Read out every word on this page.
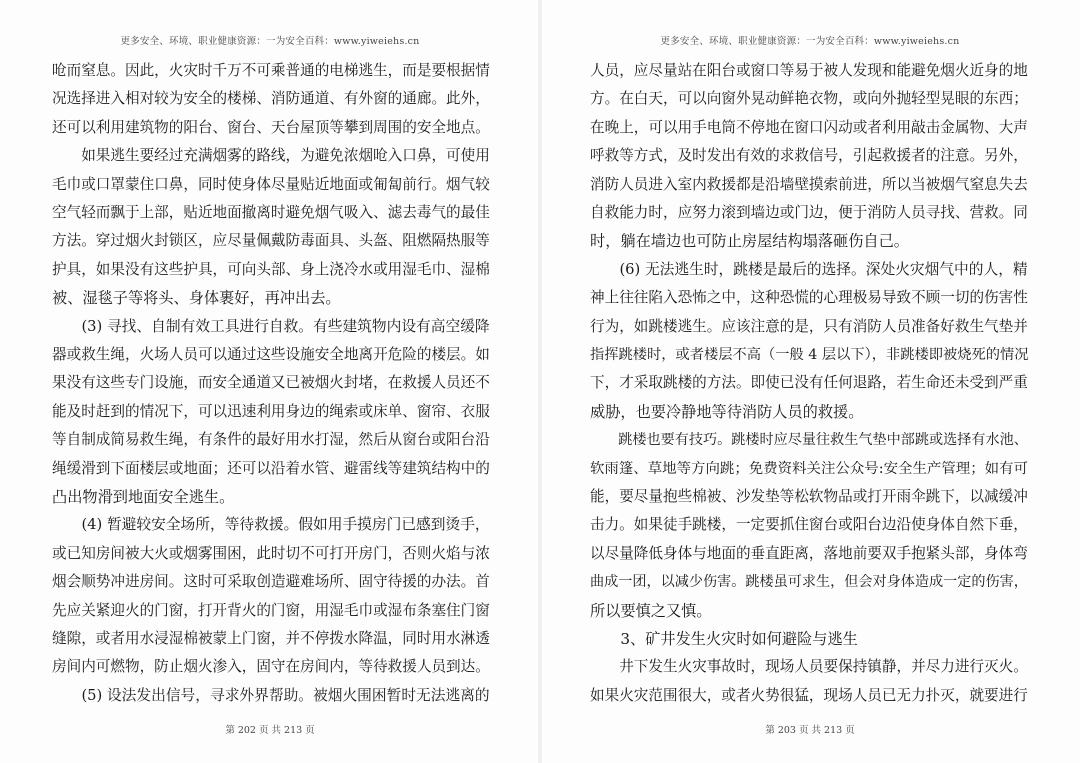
更多安全、环境、职业健康资源：一为安全百科：www.yiweiehs.cn
第 202 页 共 213 页
更多安全、环境、职业健康资源：一为安全百科：www.yiweiehs.cn
第 203 页 共 213 页
呛而窒息。因此，火灾时千万不可乘普通的电梯逃生，而是要根据情
况选择进入相对较为安全的楼梯、消防通道、有外窗的通廊。此外，
还可以利用建筑物的阳台、窗台、天台屋顶等攀到周围的安全地点。
　　如果逃生要经过充满烟雾的路线，为避免浓烟呛入口鼻，可使用
毛巾或口罩蒙住口鼻，同时使身体尽量贴近地面或匍匐前行。烟气较
空气轻而飘于上部，贴近地面撤离时避免烟气吸入、滤去毒气的最佳
方法。穿过烟火封锁区，应尽量佩戴防毒面具、头盔、阻燃隔热服等
护具，如果没有这些护具，可向头部、身上浇冷水或用湿毛巾、湿棉
被、湿毯子等将头、身体裹好，再冲出去。
　　(3) 寻找、自制有效工具进行自救。有些建筑物内设有高空缓降
器或救生绳，火场人员可以通过这些设施安全地离开危险的楼层。如
果没有这些专门设施，而安全通道又已被烟火封堵，在救援人员还不
能及时赶到的情况下，可以迅速利用身边的绳索或床单、窗帘、衣服
等自制成简易救生绳，有条件的最好用水打湿，然后从窗台或阳台沿
绳缓滑到下面楼层或地面；还可以沿着水管、避雷线等建筑结构中的
凸出物滑到地面安全逃生。
　　(4) 暂避较安全场所，等待救援。假如用手摸房门已感到烫手，
或已知房间被大火或烟雾围困，此时切不可打开房门，否则火焰与浓
烟会顺势冲进房间。这时可采取创造避难场所、固守待援的办法。首
先应关紧迎火的门窗，打开背火的门窗，用湿毛巾或湿布条塞住门窗
缝隙，或者用水浸湿棉被蒙上门窗，并不停拨水降温，同时用水淋透
房间内可燃物，防止烟火渗入，固守在房间内，等待救援人员到达。
　　(5) 设法发出信号，寻求外界帮助。被烟火围困暂时无法逃离的
人员，应尽量站在阳台或窗口等易于被人发现和能避免烟火近身的地
方。在白天，可以向窗外晃动鲜艳衣物，或向外抛轻型晃眼的东西；
在晚上，可以用手电筒不停地在窗口闪动或者利用敲击金属物、大声
呼救等方式，及时发出有效的求救信号，引起救援者的注意。另外，
消防人员进入室内救援都是沿墙壁摸索前进，所以当被烟气窒息失去
自救能力时，应努力滚到墙边或门边，便于消防人员寻找、营救。同
时，躺在墙边也可防止房屋结构塌落砸伤自己。
　　(6) 无法逃生时，跳楼是最后的选择。深处火灾烟气中的人，精
神上往往陷入恐怖之中，这种恐慌的心理极易导致不顾一切的伤害性
行为，如跳楼逃生。应该注意的是，只有消防人员准备好救生气垫并
指挥跳楼时，或者楼层不高（一般 4 层以下），非跳楼即被烧死的情况
下，才采取跳楼的方法。即使已没有任何退路，若生命还未受到严重
威胁，也要冷静地等待消防人员的救援。
　　跳楼也要有技巧。跳楼时应尽量往救生气垫中部跳或选择有水池、
软雨篷、草地等方向跳；免费资料关注公众号:安全生产管理；如有可
能，要尽量抱些棉被、沙发垫等松软物品或打开雨伞跳下，以减缓冲
击力。如果徒手跳楼，一定要抓住窗台或阳台边沿使身体自然下垂，
以尽量降低身体与地面的垂直距离，落地前要双手抱紧头部，身体弯
曲成一团，以减少伤害。跳楼虽可求生，但会对身体造成一定的伤害，
所以要慎之又慎。
　　3、矿井发生火灾时如何避险与逃生
　　井下发生火灾事故时，现场人员要保持镇静，并尽力进行灭火。
如果火灾范围很大，或者火势很猛，现场人员已无力扑灭，就要进行
